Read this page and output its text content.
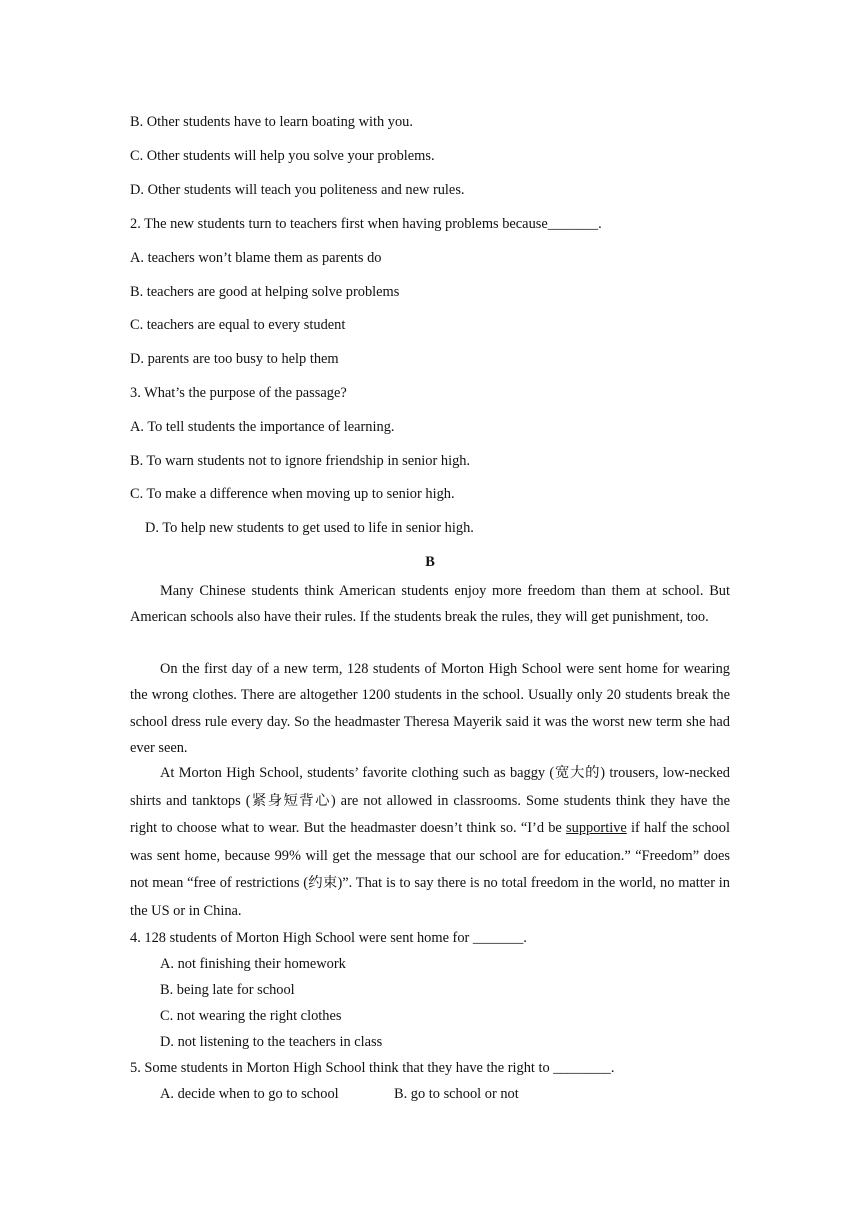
B. Other students have to learn boating with you.
C. Other students will help you solve your problems.
D. Other students will teach you politeness and new rules.
2. The new students turn to teachers first when having problems because_______.
A. teachers won’t blame them as parents do
B. teachers are good at helping solve problems
C. teachers are equal to every student
D. parents are too busy to help them
3. What’s the purpose of the passage?
A. To tell students the importance of learning.
B. To warn students not to ignore friendship in senior high.
C. To make a difference when moving up to senior high.
D. To help new students to get used to life in senior high.
B

Many Chinese students think American students enjoy more freedom than them at school. But American schools also have their rules. If the students break the rules, they will get punishment, too.

On the first day of a new term, 128 students of Morton High School were sent home for wearing the wrong clothes. There are altogether 1200 students in the school. Usually only 20 students break the school dress rule every day. So the headmaster Theresa Mayerik said it was the worst new term she had ever seen.

At Morton High School, students’ favorite clothing such as baggy (宽大的) trousers, low-necked shirts and tanktops (紧身短背心) are not allowed in classrooms. Some students think they have the right to choose what to wear. But the headmaster doesn’t think so. “I’d be supportive if half the school was sent home, because 99% will get the message that our school are for education.” “Freedom” does not mean “free of restrictions (约束)”. That is to say there is no total freedom in the world, no matter in the US or in China.

4. 128 students of Morton High School were sent home for _______.
A. not finishing their homework
B. being late for school
C. not wearing the right clothes
D. not listening to the teachers in class
5. Some students in Morton High School think that they have the right to ________.
A. decide when to go to school	B. go to school or not
